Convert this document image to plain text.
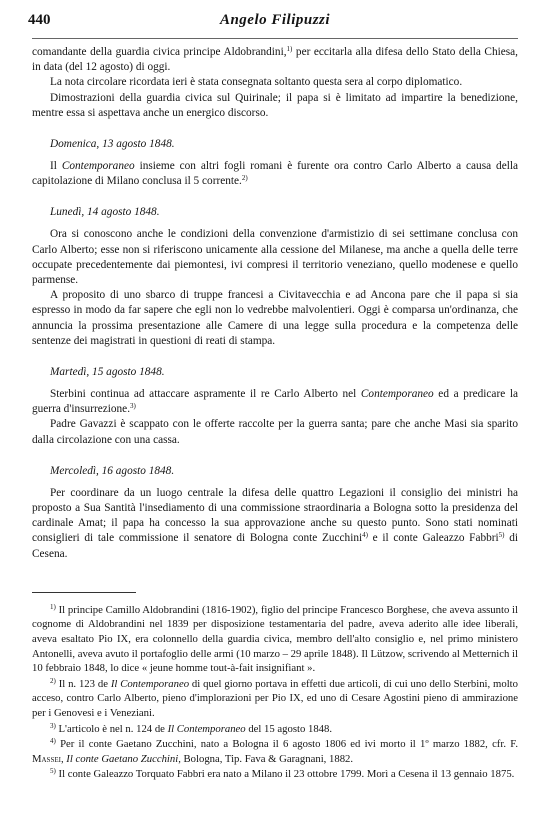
440	Angelo Filipuzzi

comandante della guardia civica principe Aldobrandini,$^{1)}$ per eccitarla alla difesa dello Stato della Chiesa, in data (del 12 agosto) di oggi.

La nota circolare ricordata ieri è stata consegnata soltanto questa sera al corpo diplomatico.

Dimostrazioni della guardia civica sul Quirinale; il papa si è limitato ad impartire la benedizione, mentre essa si aspettava anche un energico discorso.

Domenica, 13 agosto 1848.

Il Contemporaneo insieme con altri fogli romani è furente ora contro Carlo Alberto a causa della capitolazione di Milano conclusa il 5 corrente.$^{2)}$

Lunedì, 14 agosto 1848.

Ora si conoscono anche le condizioni della convenzione d'armistizio di sei settimane conclusa con Carlo Alberto; esse non si riferiscono unicamente alla cessione del Milanese, ma anche a quella delle terre occupate precedentemente dai piemontesi, ivi compresi il territorio veneziano, quello modenese e quello parmense.

A proposito di uno sbarco di truppe francesi a Civitavecchia e ad Ancona pare che il papa si sia espresso in modo da far sapere che egli non lo vedrebbe malvolentieri. Oggi è comparsa un'ordinanza, che annuncia la prossima presentazione alle Camere di una legge sulla procedura e la competenza delle sentenze dei magistrati in questioni di reati di stampa.

Martedì, 15 agosto 1848.

Sterbini continua ad attaccare aspramente il re Carlo Alberto nel Contemporaneo ed a predicare la guerra d'insurrezione.$^{3)}$

Padre Gavazzi è scappato con le offerte raccolte per la guerra santa; pare che anche Masi sia sparito dalla circolazione con una cassa.

Mercoledì, 16 agosto 1848.

Per coordinare da un luogo centrale la difesa delle quattro Legazioni il consiglio dei ministri ha proposto a Sua Santità l'insediamento di una commissione straordinaria a Bologna sotto la presidenza del cardinale Amat; il papa ha concesso la sua approvazione anche su questo punto. Sono stati nominati consiglieri di tale commissione il senatore di Bologna conte Zucchini$^{4)}$ e il conte Galeazzo Fabbri$^{5)}$ di Cesena.

$^{1)}$ Il principe Camillo Aldobrandini (1816-1902), figlio del principe Francesco Borghese, che aveva assunto il cognome di Aldobrandini nel 1839 per disposizione testamentaria del padre, aveva aderito alle idee liberali, aveva esaltato Pio IX, era colonnello della guardia civica, membro dell'alto consiglio e, nel primo ministero Antonelli, aveva avuto il portafoglio delle armi (10 marzo – 29 aprile 1848). Il Lützow, scrivendo al Metternich il 10 febbraio 1848, lo dice « jeune homme tout-à-fait insignifiant ».

$^{2)}$ Il n. 123 de Il Contemporaneo di quel giorno portava in effetti due articoli, di cui uno dello Sterbini, molto acceso, contro Carlo Alberto, pieno d'implorazioni per Pio IX, ed uno di Cesare Agostini pieno di ammirazione per i Genovesi e i Veneziani.

$^{3)}$ L'articolo è nel n. 124 de Il Contemporaneo del 15 agosto 1848.

$^{4)}$ Per il conte Gaetano Zucchini, nato a Bologna il 6 agosto 1806 ed ivi morto il 1º marzo 1882, cfr. F. Massei, Il conte Gaetano Zucchini, Bologna, Tip. Fava & Garagnani, 1882.

$^{5)}$ Il conte Galeazzo Torquato Fabbri era nato a Milano il 23 ottobre 1799. Morì a Cesena il 13 gennaio 1875.
